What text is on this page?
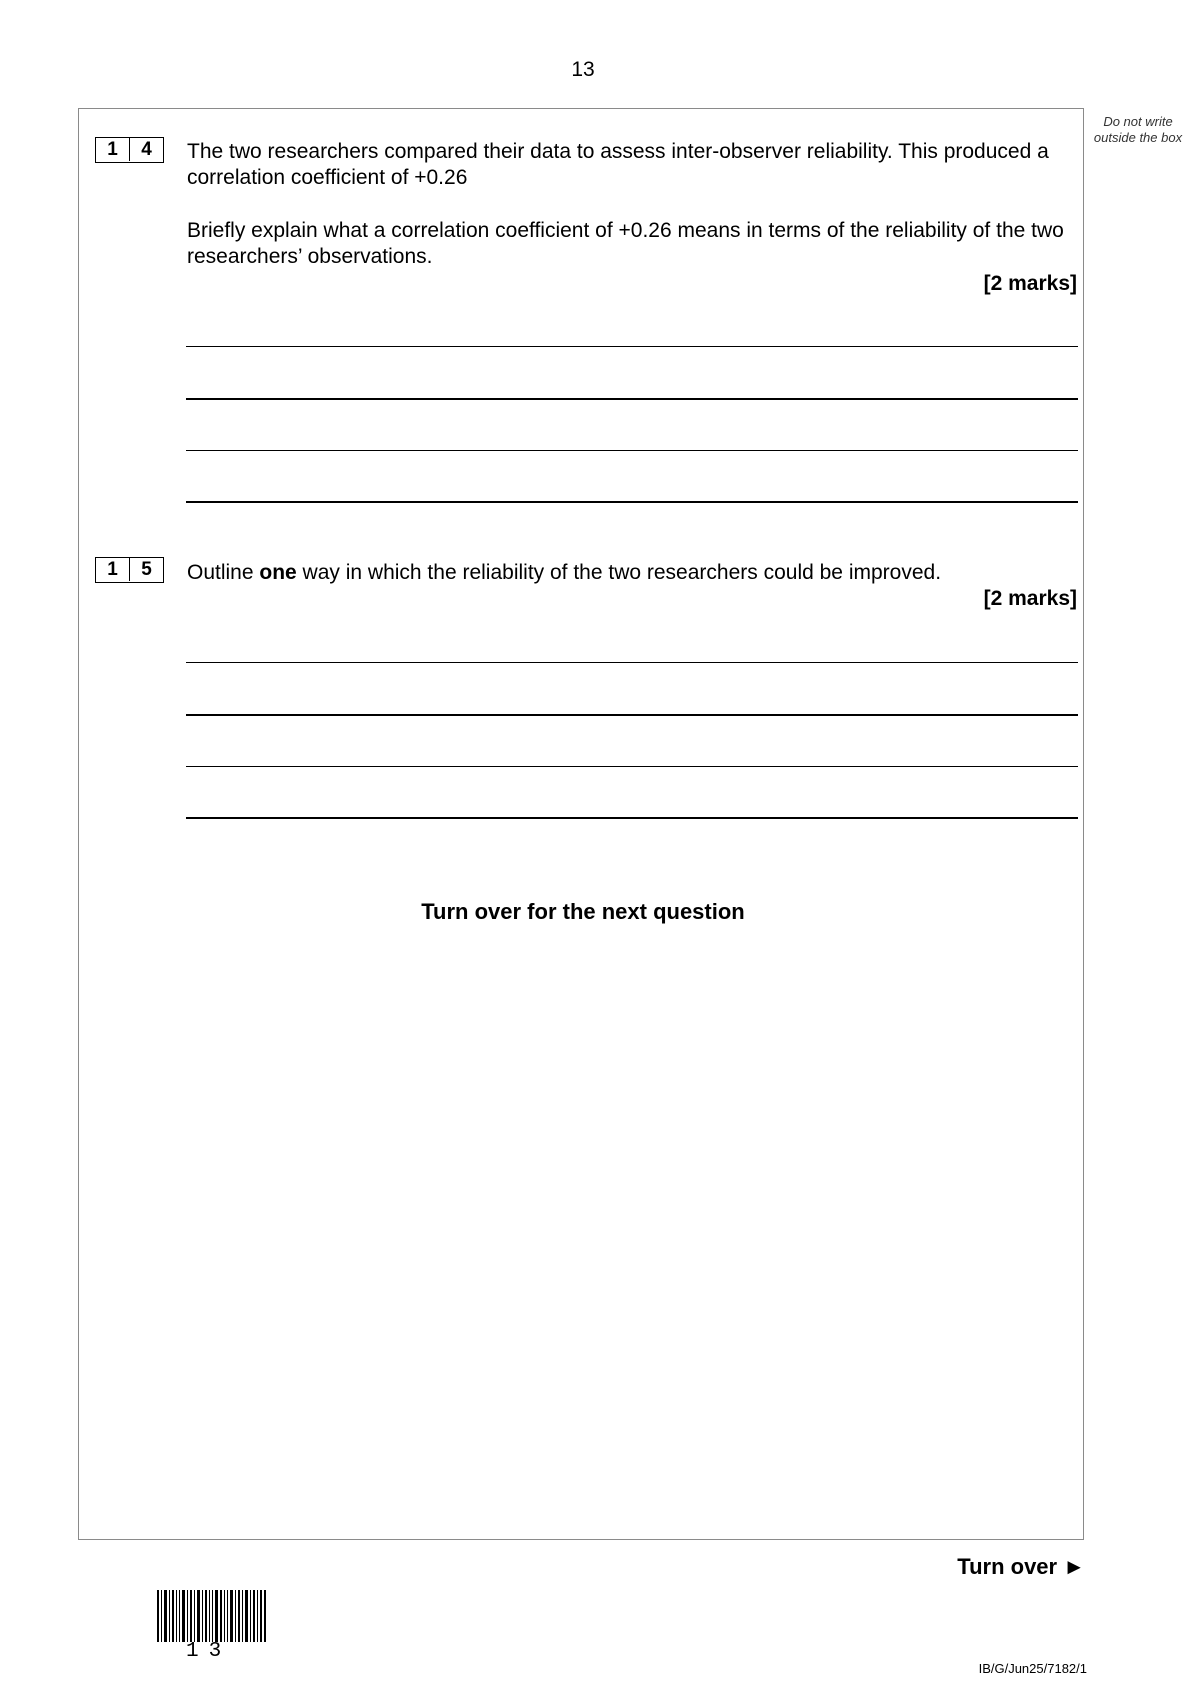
13
Do not write outside the box
1	4	The two researchers compared their data to assess inter-observer reliability. This produced a correlation coefficient of +0.26
Briefly explain what a correlation coefficient of +0.26 means in terms of the reliability of the two researchers’ observations.
[2 marks]
1	5	Outline one way in which the reliability of the two researchers could be improved.
[2 marks]
Turn over for the next question
Turn over ►
13
IB/G/Jun25/7182/1
